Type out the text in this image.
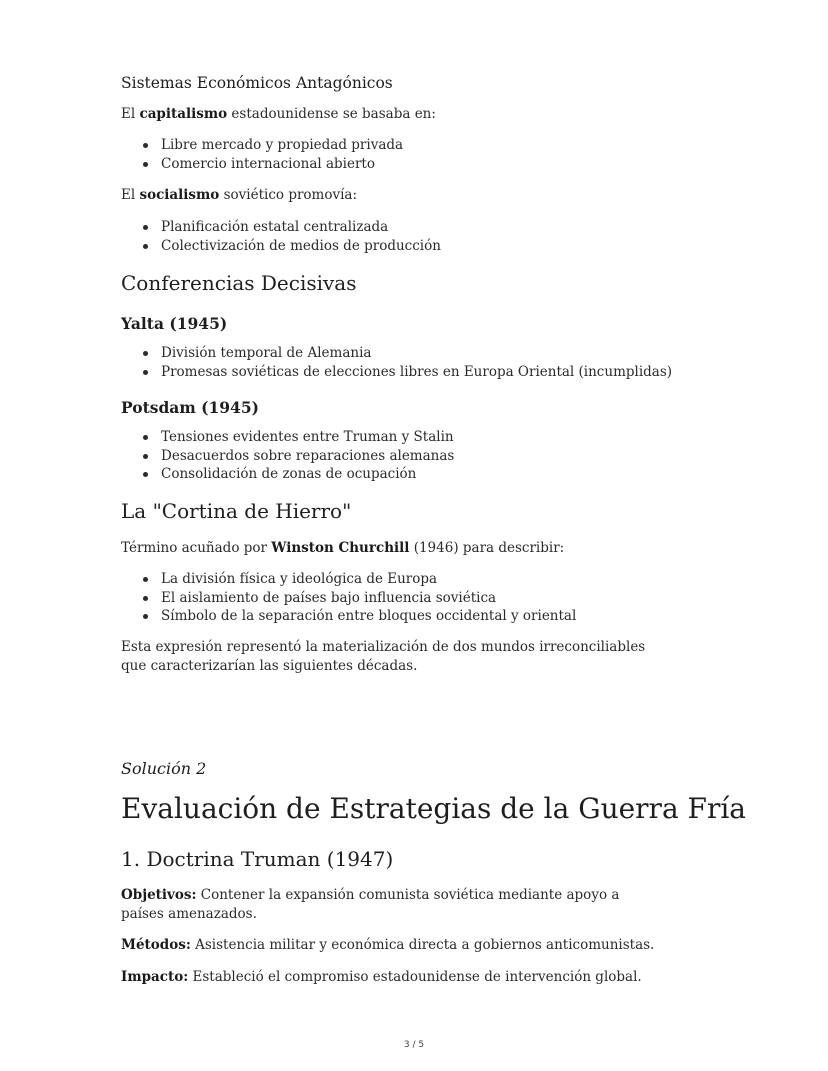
Sistemas Económicos Antagónicos
El capitalismo estadounidense se basaba en:
Libre mercado y propiedad privada
Comercio internacional abierto
El socialismo soviético promovía:
Planificación estatal centralizada
Colectivización de medios de producción
Conferencias Decisivas
Yalta (1945)
División temporal de Alemania
Promesas soviéticas de elecciones libres en Europa Oriental (incumplidas)
Potsdam (1945)
Tensiones evidentes entre Truman y Stalin
Desacuerdos sobre reparaciones alemanas
Consolidación de zonas de ocupación
La "Cortina de Hierro"
Término acuñado por Winston Churchill (1946) para describir:
La división física y ideológica de Europa
El aislamiento de países bajo influencia soviética
Símbolo de la separación entre bloques occidental y oriental
Esta expresión representó la materialización de dos mundos irreconciliables que caracterizarían las siguientes décadas.
Solución 2
Evaluación de Estrategias de la Guerra Fría
1. Doctrina Truman (1947)
Objetivos: Contener la expansión comunista soviética mediante apoyo a países amenazados.
Métodos: Asistencia militar y económica directa a gobiernos anticomunistas.
Impacto: Estableció el compromiso estadounidense de intervención global.
3 / 5
